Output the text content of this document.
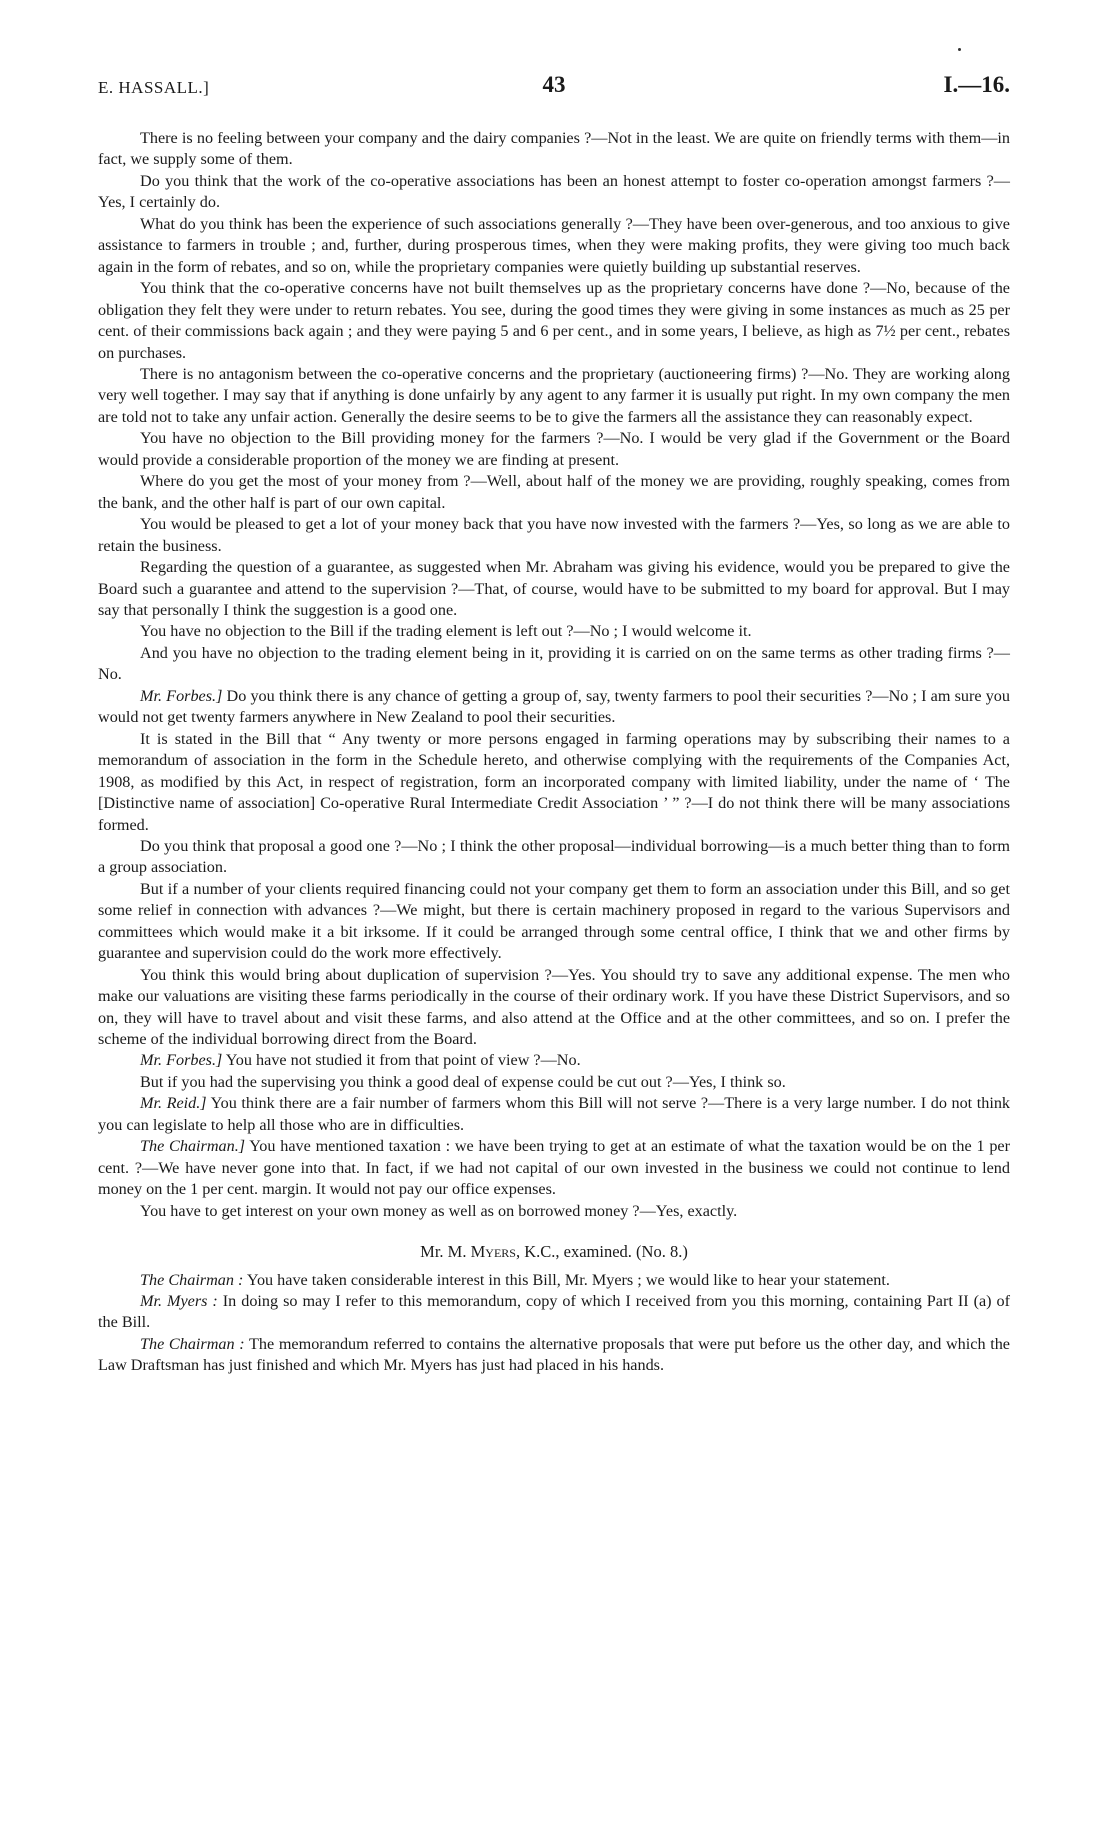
E. HASSALL.]	43	I.—16.

There is no feeling between your company and the dairy companies ?—Not in the least. We are quite on friendly terms with them—in fact, we supply some of them.

Do you think that the work of the co-operative associations has been an honest attempt to foster co-operation amongst farmers ?—Yes, I certainly do.

What do you think has been the experience of such associations generally ?—They have been over-generous, and too anxious to give assistance to farmers in trouble ; and, further, during prosperous times, when they were making profits, they were giving too much back again in the form of rebates, and so on, while the proprietary companies were quietly building up substantial reserves.

You think that the co-operative concerns have not built themselves up as the proprietary concerns have done ?—No, because of the obligation they felt they were under to return rebates. You see, during the good times they were giving in some instances as much as 25 per cent. of their commissions back again ; and they were paying 5 and 6 per cent., and in some years, I believe, as high as 7½ per cent., rebates on purchases.

There is no antagonism between the co-operative concerns and the proprietary (auctioneering firms) ?—No. They are working along very well together. I may say that if anything is done unfairly by any agent to any farmer it is usually put right. In my own company the men are told not to take any unfair action. Generally the desire seems to be to give the farmers all the assistance they can reasonably expect.

You have no objection to the Bill providing money for the farmers ?—No. I would be very glad if the Government or the Board would provide a considerable proportion of the money we are finding at present.

Where do you get the most of your money from ?—Well, about half of the money we are providing, roughly speaking, comes from the bank, and the other half is part of our own capital.

You would be pleased to get a lot of your money back that you have now invested with the farmers ?—Yes, so long as we are able to retain the business.

Regarding the question of a guarantee, as suggested when Mr. Abraham was giving his evidence, would you be prepared to give the Board such a guarantee and attend to the supervision ?—That, of course, would have to be submitted to my board for approval. But I may say that personally I think the suggestion is a good one.

You have no objection to the Bill if the trading element is left out ?—No ; I would welcome it.

And you have no objection to the trading element being in it, providing it is carried on on the same terms as other trading firms ?—No.

Mr. Forbes.] Do you think there is any chance of getting a group of, say, twenty farmers to pool their securities ?—No ; I am sure you would not get twenty farmers anywhere in New Zealand to pool their securities.

It is stated in the Bill that “ Any twenty or more persons engaged in farming operations may by subscribing their names to a memorandum of association in the form in the Schedule hereto, and otherwise complying with the requirements of the Companies Act, 1908, as modified by this Act, in respect of registration, form an incorporated company with limited liability, under the name of ‘ The [Distinctive name of association] Co-operative Rural Intermediate Credit Association ’ ” ?—I do not think there will be many associations formed.

Do you think that proposal a good one ?—No ; I think the other proposal—individual borrowing—is a much better thing than to form a group association.

But if a number of your clients required financing could not your company get them to form an association under this Bill, and so get some relief in connection with advances ?—We might, but there is certain machinery proposed in regard to the various Supervisors and committees which would make it a bit irksome. If it could be arranged through some central office, I think that we and other firms by guarantee and supervision could do the work more effectively.

You think this would bring about duplication of supervision ?—Yes. You should try to save any additional expense. The men who make our valuations are visiting these farms periodically in the course of their ordinary work. If you have these District Supervisors, and so on, they will have to travel about and visit these farms, and also attend at the Office and at the other committees, and so on. I prefer the scheme of the individual borrowing direct from the Board.

Mr. Forbes.] You have not studied it from that point of view ?—No.

But if you had the supervising you think a good deal of expense could be cut out ?—Yes, I think so.

Mr. Reid.] You think there are a fair number of farmers whom this Bill will not serve ?—There is a very large number. I do not think you can legislate to help all those who are in difficulties.

The Chairman.] You have mentioned taxation : we have been trying to get at an estimate of what the taxation would be on the 1 per cent. ?—We have never gone into that. In fact, if we had not capital of our own invested in the business we could not continue to lend money on the 1 per cent. margin. It would not pay our office expenses.

You have to get interest on your own money as well as on borrowed money ?—Yes, exactly.

Mr. M. Myers, K.C., examined. (No. 8.)

The Chairman : You have taken considerable interest in this Bill, Mr. Myers ; we would like to hear your statement.

Mr. Myers : In doing so may I refer to this memorandum, copy of which I received from you this morning, containing Part II (a) of the Bill.

The Chairman : The memorandum referred to contains the alternative proposals that were put before us the other day, and which the Law Draftsman has just finished and which Mr. Myers has just had placed in his hands.
